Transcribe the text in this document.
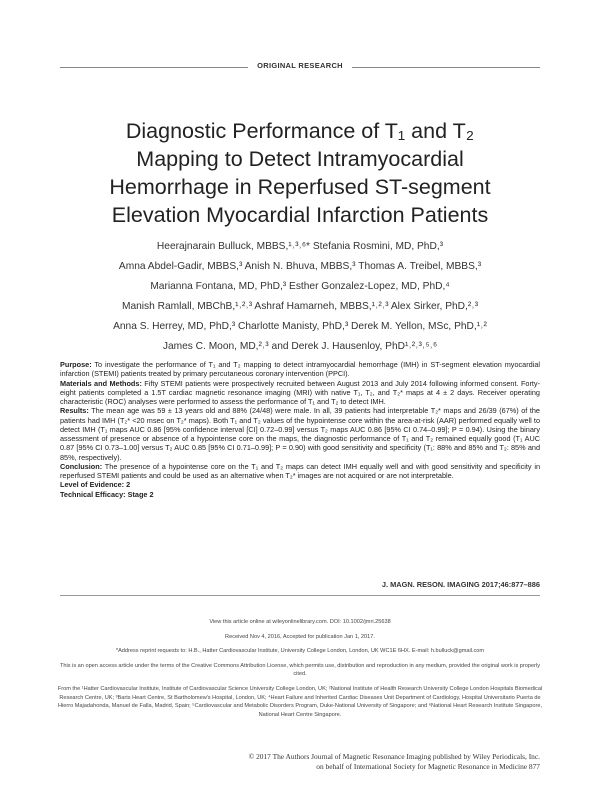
ORIGINAL RESEARCH
Diagnostic Performance of T₁ and T₂
Mapping to Detect Intramyocardial
Hemorrhage in Reperfused ST-segment
Elevation Myocardial Infarction Patients
Heerajnarain Bulluck, MBBS,¹˒³˒⁶* Stefania Rosmini, MD, PhD,³
Amna Abdel-Gadir, MBBS,³ Anish N. Bhuva, MBBS,³ Thomas A. Treibel, MBBS,³
Marianna Fontana, MD, PhD,³ Esther Gonzalez-Lopez, MD, PhD,⁴
Manish Ramlall, MBChB,¹˒²˒³ Ashraf Hamarneh, MBBS,¹˒²˒³ Alex Sirker, PhD,²˒³
Anna S. Herrey, MD, PhD,³ Charlotte Manisty, PhD,³ Derek M. Yellon, MSc, PhD,¹˒²
James C. Moon, MD,²˒³ and Derek J. Hausenloy, PhD¹˒²˒³˒⁵˒⁶

Purpose: To investigate the performance of T₁ and T₂ mapping to detect intramyocardial hemorrhage (IMH) in ST-segment elevation myocardial infarction (STEMI) patients treated by primary percutaneous coronary intervention (PPCI).

Materials and Methods: Fifty STEMI patients were prospectively recruited between August 2013 and July 2014 following informed consent. Forty-eight patients completed a 1.5T cardiac magnetic resonance imaging (MRI) with native T₁, T₂, and T₂* maps at 4 ± 2 days. Receiver operating characteristic (ROC) analyses were performed to assess the performance of T₁ and T₂ to detect IMH.

Results: The mean age was 59 ± 13 years old and 88% (24/48) were male. In all, 39 patients had interpretable T₂* maps and 26/39 (67%) of the patients had IMH (T₂* <20 msec on T₂* maps). Both T₁ and T₂ values of the hypointense core within the area-at-risk (AAR) performed equally well to detect IMH (T₁ maps AUC 0.86 [95% confidence interval [CI] 0.72–0.99] versus T₂ maps AUC 0.86 [95% CI 0.74–0.99]; P = 0.94). Using the binary assessment of presence or absence of a hypointense core on the maps, the diagnostic performance of T₁ and T₂ remained equally good (T₁ AUC 0.87 [95% CI 0.73–1.00] versus T₂ AUC 0.85 [95% CI 0.71–0.99]; P = 0.90) with good sensitivity and specificity (T₁: 88% and 85% and T₂: 85% and 85%, respectively).

Conclusion: The presence of a hypointense core on the T₁ and T₂ maps can detect IMH equally well and with good sensitivity and specificity in reperfused STEMI patients and could be used as an alternative when T₂* images are not acquired or are not interpretable.

Level of Evidence: 2

Technical Efficacy: Stage 2

J. MAGN. RESON. IMAGING 2017;46:877–886

View this article online at wileyonlinelibrary.com. DOI: 10.1002/jmri.25638

Received Nov 4, 2016, Accepted for publication Jan 1, 2017.

*Address reprint requests to: H.B., Hatter Cardiovascular Institute, University College London, London, UK WC1E 6HX. E-mail: h.bulluck@gmail.com

This is an open access article under the terms of the Creative Commons Attribution License, which permits use, distribution and reproduction in any medium, provided the original work is properly cited.

From the ¹Hatter Cardiovascular Institute, Institute of Cardiovascular Science University College London, UK; ²National Institute of Health Research University College London Hospitals Biomedical Research Centre, UK; ³Barts Heart Centre, St Bartholomew's Hospital, London, UK; ⁴Heart Failure and Inherited Cardiac Diseases Unit Department of Cardiology, Hospital Universitario Puerta de Hierro Majadahonda, Manuel de Falla, Madrid, Spain; ⁵Cardiovascular and Metabolic Disorders Program, Duke-National University of Singapore; and ⁶National Heart Research Institute Singapore, National Heart Centre Singapore.

© 2017 The Authors Journal of Magnetic Resonance Imaging published by Wiley Periodicals, Inc.
on behalf of International Society for Magnetic Resonance in Medicine 877
